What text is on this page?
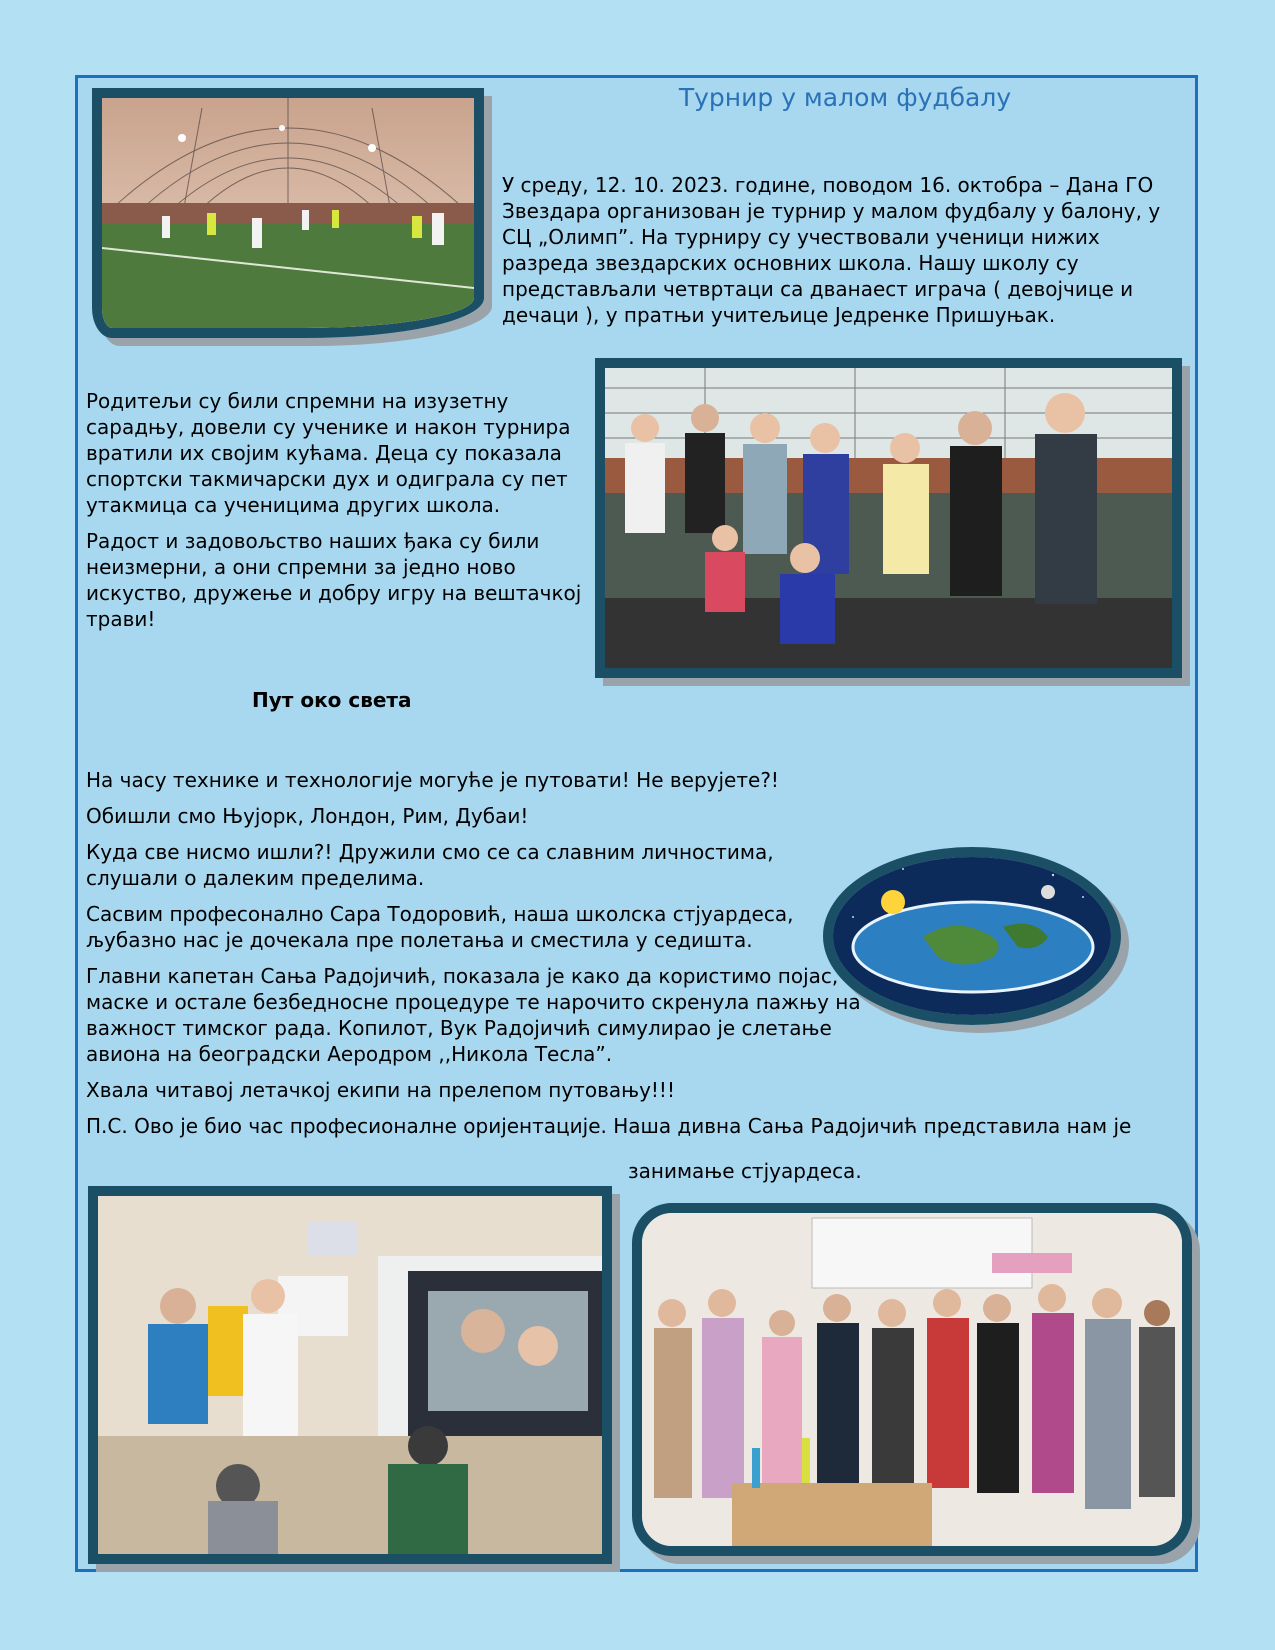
Турнир у малом фудбалу
У среду, 12. 10. 2023. године, поводом 16. октобра – Дана ГО Звездара организован је турнир у малом фудбалу у балону, у СЦ „Олимп”. На турниру су учествовали ученици нижих разреда звездарских основних школа. Нашу школу су представљали четвртаци са дванаест играча ( девојчице и дечаци ), у пратњи учитељице Једренке Пришуњак.

Родитељи су били спремни на изузетну сарадњу, довели су ученике и након турнира вратили их својим кућама. Деца су показала спортски такмичарски дух и одиграла су пет утакмица са ученицима других школа.

Радост и задовољство наших ђака су били неизмерни, а они спремни за једно ново искуство, дружење и добру игру на вештачкој трави!

Пут око света

На часу технике и технологије могуће је путовати! Не верујете?!

Обишли смо Њујорк, Лондон, Рим, Дубаи!

Куда све нисмо ишли?! Дружили смо се са славним личностима, слушали о далеким пределима.

Сасвим професонално Сара Тодоровић, наша школска стјуардеса, љубазно нас је дочекала пре полетања и сместила у седишта.

Главни капетан Сања Радојичић, показала је како да користимо појас, маске и остале безбедносне процедуре те нарочито скренула пажњу на важност тимског рада. Копилот, Вук Радојичић симулирао је слетање авиона на београдски Аеродром ,,Никола Тесла”.

Хвала читавој летачкој екипи на прелепом путовању!!!

П.С. Ово је био час професионалне оријентације. Наша дивна Сања Радојичић представила нам је

занимање стјуардеса.
